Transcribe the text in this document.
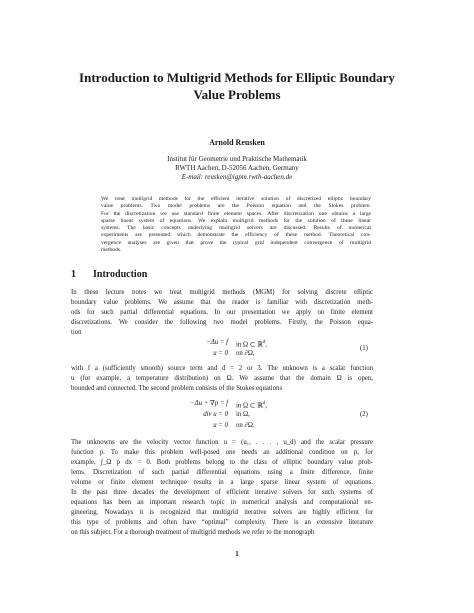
Introduction to Multigrid Methods for Elliptic Boundary
Value Problems
Arnold Reusken
Institut für Geometrie und Praktische Mathematik
RWTH Aachen, D-52056 Aachen, Germany
E-mail: reusken@igpm.rwth-aachen.de
We treat multigrid methods for the efficient iterative solution of discretized elliptic boundary
value problems. Two model problems are the Poisson equation and the Stokes problem.
For the discretization we use standard finite element spaces. After discretization one obtains a large
sparse linear system of equations. We explain multigrid methods for the solution of these linear
systems. The basic concepts underlying multigrid solvers are discussed. Results of numerical
experiments are presented which demonstrate the efficiency of these method. Theoretical con-
vergence analyses are given that prove the typical grid independent convergence of multigrid
methods.
1 Introduction
In these lecture notes we treat multigrid methods (MGM) for solving discrete elliptic
boundary value problems. We assume that the reader is familiar with discretization meth-
ods for such partial differential equations. In our presentation we apply on finite element
discretizations. We consider the following two model problems. Firstly, the Poisson equa-
tion
−Δu = f in Ω ⊂ ℝ$^d$,
u = 0 on ∂Ω,
(1)
with f a (sufficiently smooth) source term and d = 2 or 3. The unknown is a scalar function
u (for example, a temperature distribution) on Ω. We assume that the domain Ω is open,
bounded and connected. The second problem consists of the Stokes equations
−Δu + ∇p = f in Ω ⊂ ℝ$^d$,
div u = 0 in Ω,
u = 0 on ∂Ω.
(2)
The unknowns are the velocity vector function u = (u₁, . . . , u_d) and the scalar pressure
function p. To make this problem well-posed one needs an additional condition on p, for
example, ∫_Ω p dx = 0. Both problems belong to the class of elliptic boundary value prob-
lems. Discretization of such partial differential equations using a finite difference, finite
volume or finite element technique results in a large sparse linear system of equations.
In the past three decades the development of efficient iterative solvers for such systems of
equations has been an important research topic in numerical analysis and computational en-
gineering. Nowadays it is recognized that multigrid iterative solvers are highly efficient for
this type of problems and often have “optimal” complexity. There is an extensive literature
on this subject. For a thorough treatment of multigrid methods we refer to the monograph
1
